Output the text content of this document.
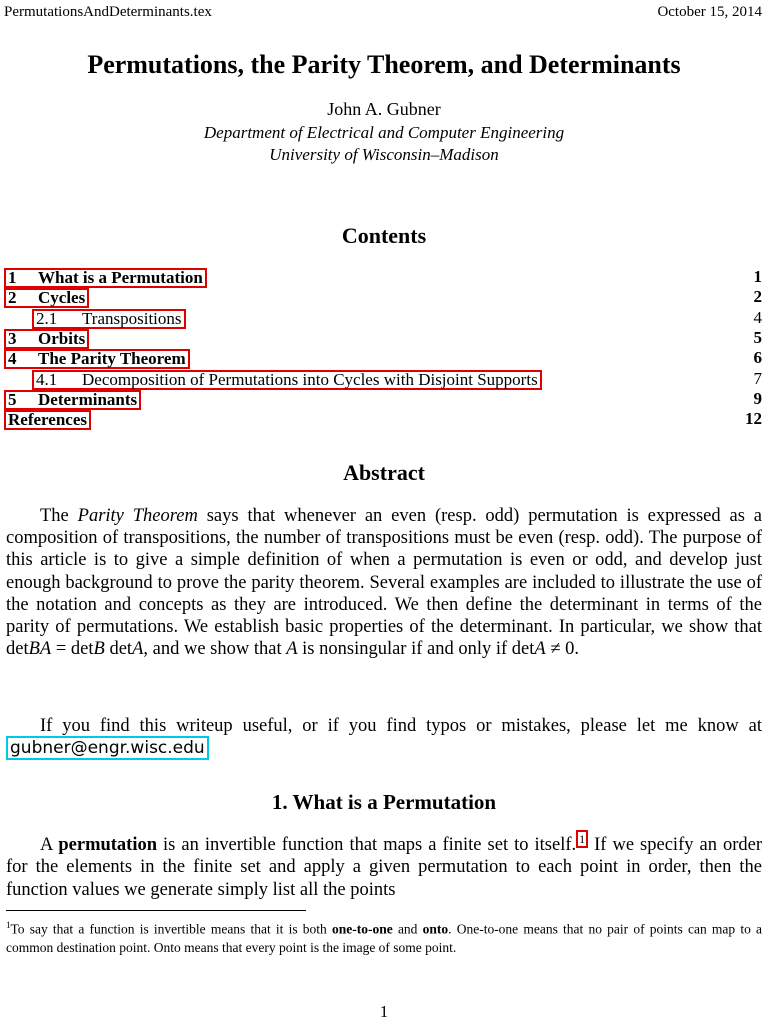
PermutationsAndDeterminants.tex	October 15, 2014
Permutations, the Parity Theorem, and Determinants
John A. Gubner
Department of Electrical and Computer Engineering
University of Wisconsin–Madison
Contents
1 What is a Permutation	1
2 Cycles	2
2.1 Transpositions	4
3 Orbits	5
4 The Parity Theorem	6
4.1 Decomposition of Permutations into Cycles with Disjoint Supports	7
5 Determinants	9
References	12
Abstract
The Parity Theorem says that whenever an even (resp. odd) permutation is expressed as a composition of transpositions, the number of transpositions must be even (resp. odd). The purpose of this article is to give a simple definition of when a permutation is even or odd, and develop just enough background to prove the parity theorem. Several examples are included to illustrate the use of the notation and concepts as they are introduced. We then define the determinant in terms of the parity of permutations. We establish basic properties of the determinant. In particular, we show that detBA = detB detA, and we show that A is nonsingular if and only if detA ≠ 0.
If you find this writeup useful, or if you find typos or mistakes, please let me know at gubner@engr.wisc.edu
1. What is a Permutation
A permutation is an invertible function that maps a finite set to itself. $^1$ If we specify an order for the elements in the finite set and apply a given permutation to each point in order, then the function values we generate simply list all the points
$^1$To say that a function is invertible means that it is both one-to-one and onto. One-to-one means that no pair of points can map to a common destination point. Onto means that every point is the image of some point.
1
